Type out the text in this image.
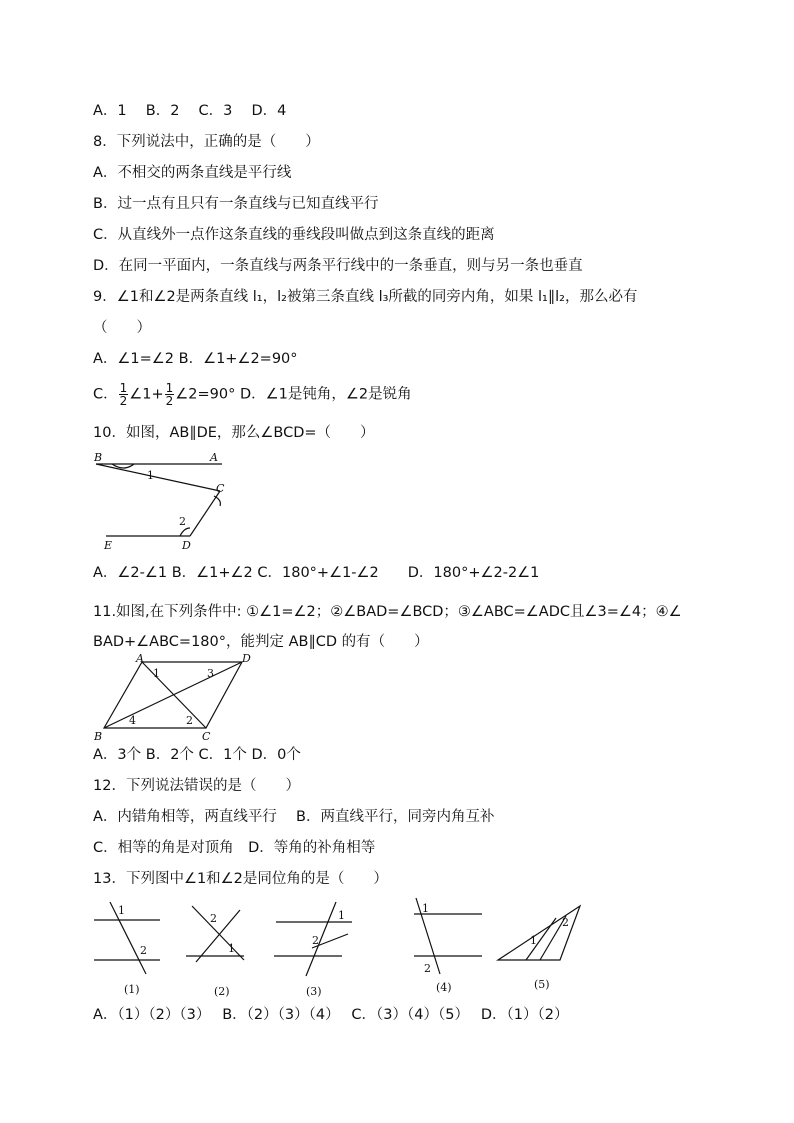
A．1　 B．2　 C．3　 D．4
8．下列说法中，正确的是（　　）
A．不相交的两条直线是平行线
B．过一点有且只有一条直线与已知直线平行
C．从直线外一点作这条直线的垂线段叫做点到这条直线的距离
D．在同一平面内，一条直线与两条平行线中的一条垂直，则与另一条也垂直
9．∠1和∠2是两条直线 l₁，l₂被第三条直线 l₃所截的同旁内角，如果 l₁∥l₂，那么必有
（　　）
A．∠1=∠2 B．∠1+∠2=90°
C． $\frac{1}{2}$ ∠1+ $\frac{1}{2}$ ∠2=90° D．∠1是钝角，∠2是锐角
10．如图，AB∥DE，那么∠BCD=（　　）
B	A
1
C
2
E	D
A．∠2-∠1 B．∠1+∠2 C．180°+∠1-∠2　　D．180°+∠2-2∠1
11.如图,在下列条件中: ①∠1=∠2；②∠BAD=∠BCD；③∠ABC=∠ADC且∠3=∠4；④∠
BAD+∠ABC=180°，能判定 AB∥CD 的有（　　）
A	D
B	C
1	3
4	2
A．3个 B．2个 C．1个 D．0个
12．下列说法错误的是（　　）
A．内错角相等，两直线平行　 B．两直线平行，同旁内角互补
C．相等的角是对顶角　D．等角的补角相等
13．下列图中∠1和∠2是同位角的是（　　）
1
2
(1)
2
1
(2)
1
2
(3)
1
2
(4)
1
2
(5)
A．（1）（2）（3）　 B．（2）（3）（4）　 C．（3）（4）（5）　 D．（1）（2）
